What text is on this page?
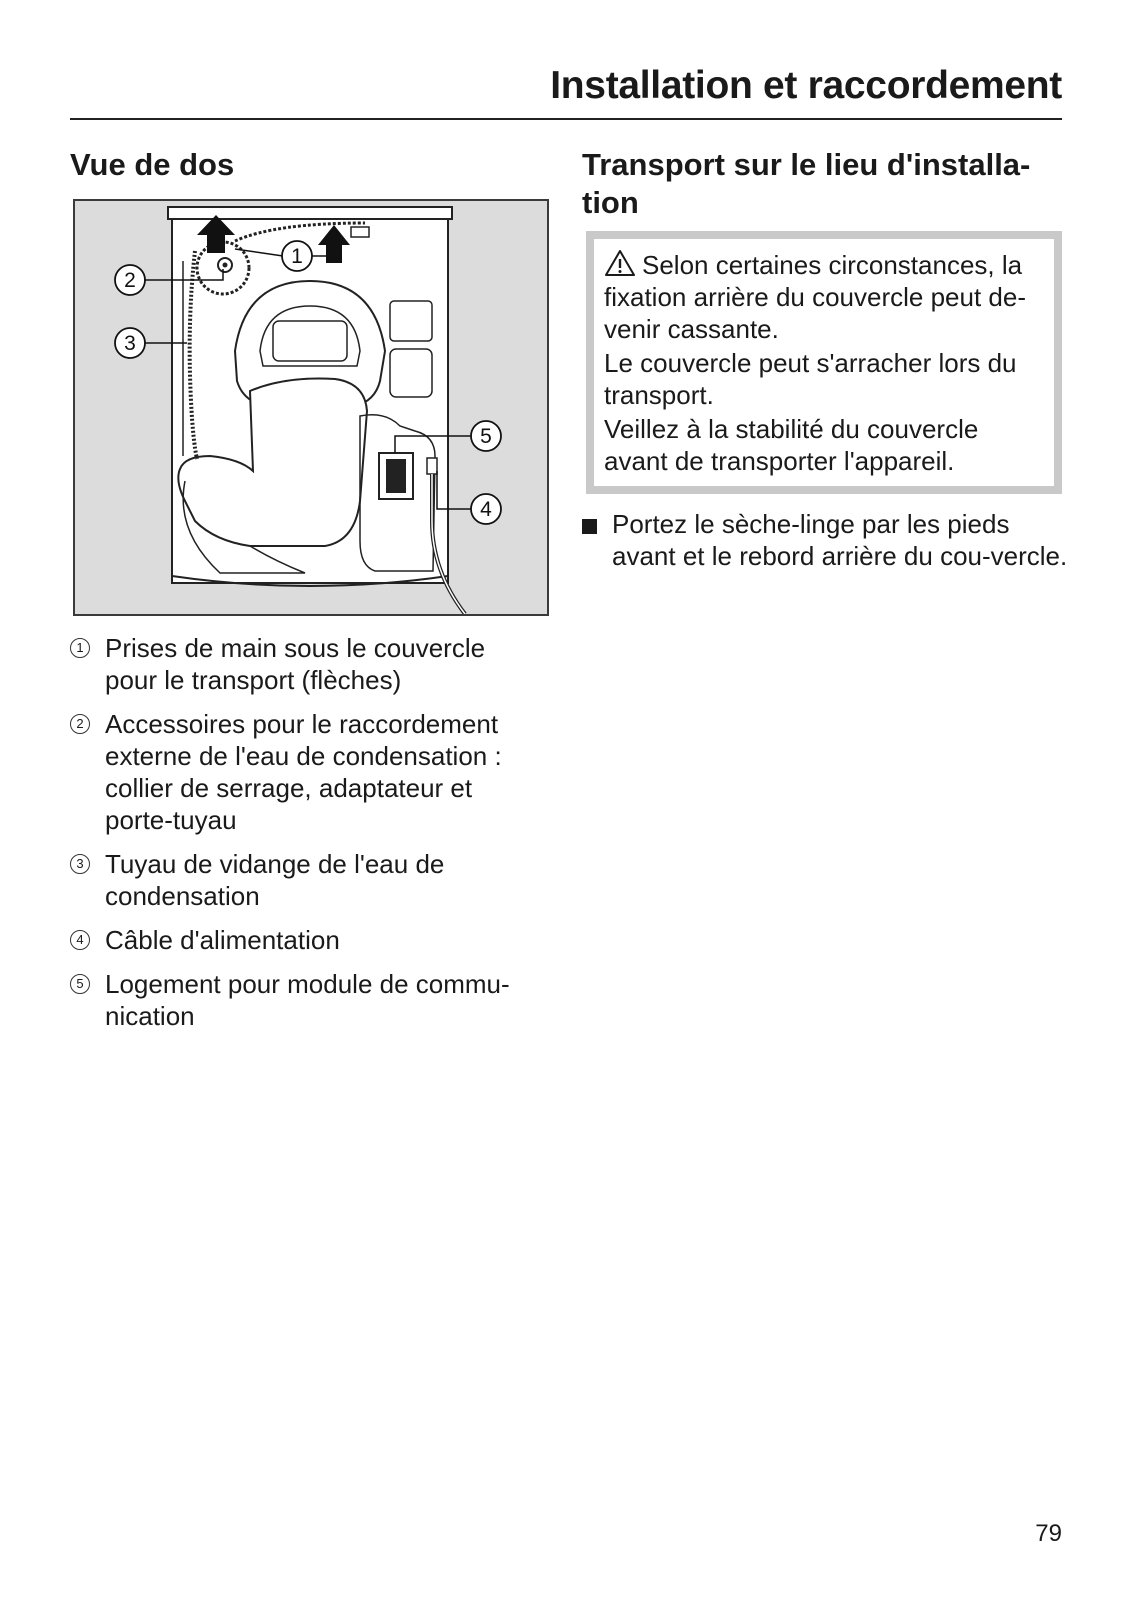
Installation et raccordement
Vue de dos
1
2
3
5
4
1 Prises de main sous le couvercle pour le transport (flèches)
2 Accessoires pour le raccordement externe de l'eau de condensation : collier de serrage, adaptateur et porte-tuyau
3 Tuyau de vidange de l'eau de condensation
4 Câble d'alimentation
5 Logement pour module de commu-nication
Transport sur le lieu d'installa-tion

Selon certaines circonstances, la fixation arrière du couvercle peut de-venir cassante.

Le couvercle peut s'arracher lors du transport.

Veillez à la stabilité du couvercle avant de transporter l'appareil.

Portez le sèche-linge par les pieds avant et le rebord arrière du cou-vercle.
79
